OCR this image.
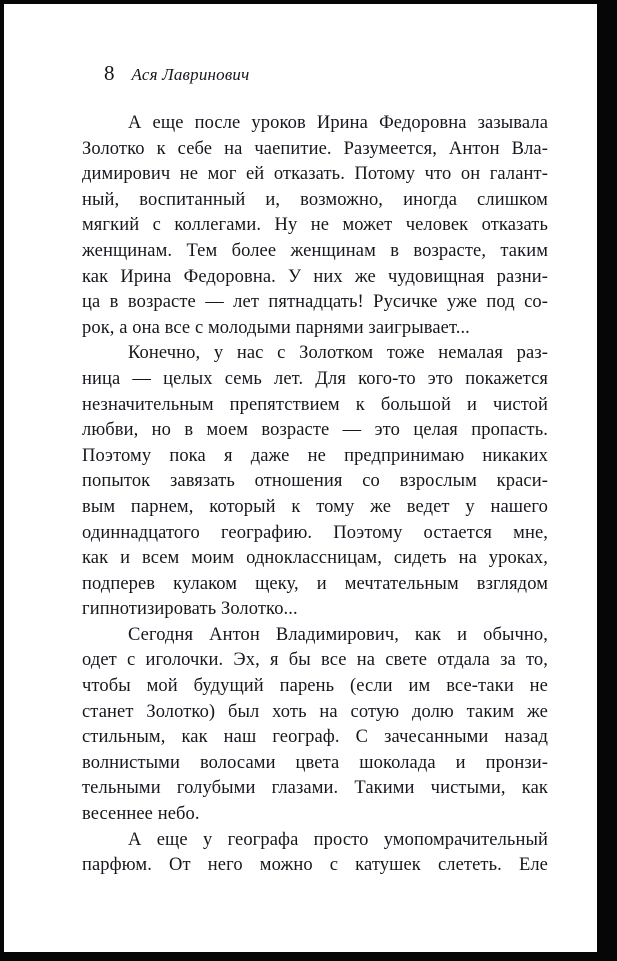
8 Ася Лавринович
А еще после уроков Ирина Федоровна зазывала
Золотко к себе на чаепитие. Разумеется, Антон Вла-
димирович не мог ей отказать. Потому что он галант-
ный, воспитанный и, возможно, иногда слишком
мягкий с коллегами. Ну не может человек отказать
женщинам. Тем более женщинам в возрасте, таким
как Ирина Федоровна. У них же чудовищная разни-
ца в возрасте — лет пятнадцать! Русичке уже под со-
рок, а она все с молодыми парнями заигрывает...
Конечно, у нас с Золотком тоже немалая раз-
ница — целых семь лет. Для кого-то это покажется
незначительным препятствием к большой и чистой
любви, но в моем возрасте — это целая пропасть.
Поэтому пока я даже не предпринимаю никаких
попыток завязать отношения со взрослым краси-
вым парнем, который к тому же ведет у нашего
одиннадцатого географию. Поэтому остается мне,
как и всем моим одноклассницам, сидеть на уроках,
подперев кулаком щеку, и мечтательным взглядом
гипнотизировать Золотко...
Сегодня Антон Владимирович, как и обычно,
одет с иголочки. Эх, я бы все на свете отдала за то,
чтобы мой будущий парень (если им все-таки не
станет Золотко) был хоть на сотую долю таким же
стильным, как наш географ. С зачесанными назад
волнистыми волосами цвета шоколада и пронзи-
тельными голубыми глазами. Такими чистыми, как
весеннее небо.
А еще у географа просто умопомрачительный
парфюм. От него можно с катушек слететь. Еле
